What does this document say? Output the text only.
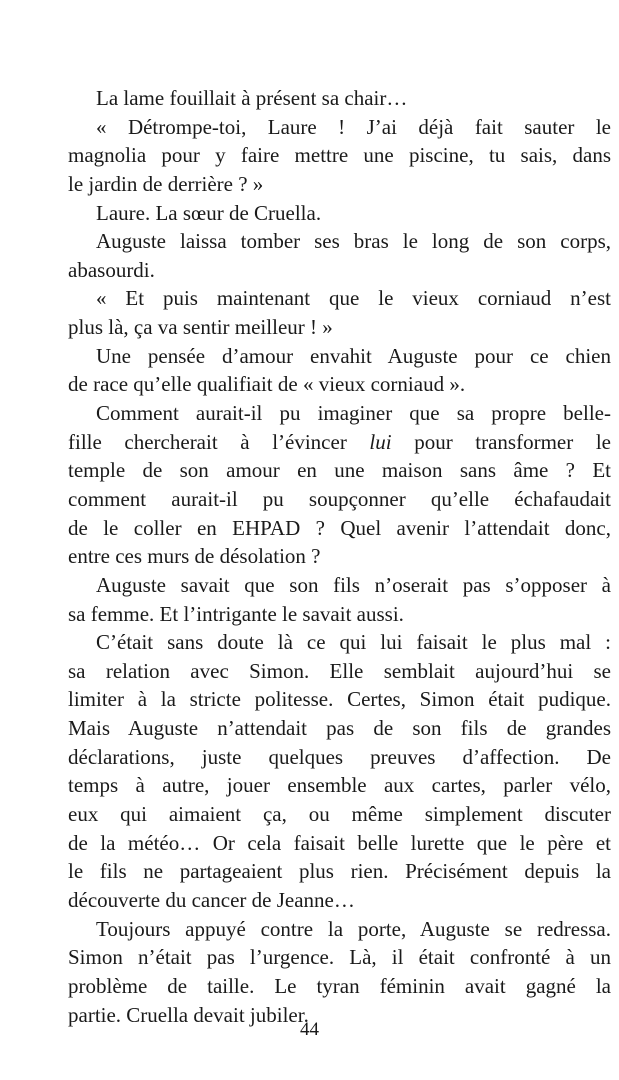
La lame fouillait à présent sa chair…
« Détrompe-toi, Laure ! J’ai déjà fait sauter le
magnolia pour y faire mettre une piscine, tu sais, dans
le jardin de derrière ? »
Laure. La sœur de Cruella.
Auguste laissa tomber ses bras le long de son corps,
abasourdi.
« Et puis maintenant que le vieux corniaud n’est
plus là, ça va sentir meilleur ! »
Une pensée d’amour envahit Auguste pour ce chien
de race qu’elle qualifiait de « vieux corniaud ».
Comment aurait-il pu imaginer que sa propre belle-
fille chercherait à l’évincer lui pour transformer le
temple de son amour en une maison sans âme ? Et
comment aurait-il pu soupçonner qu’elle échafaudait
de le coller en EHPAD ? Quel avenir l’attendait donc,
entre ces murs de désolation ?
Auguste savait que son fils n’oserait pas s’opposer à
sa femme. Et l’intrigante le savait aussi.
C’était sans doute là ce qui lui faisait le plus mal :
sa relation avec Simon. Elle semblait aujourd’hui se
limiter à la stricte politesse. Certes, Simon était pudique.
Mais Auguste n’attendait pas de son fils de grandes
déclarations, juste quelques preuves d’affection. De
temps à autre, jouer ensemble aux cartes, parler vélo,
eux qui aimaient ça, ou même simplement discuter
de la météo… Or cela faisait belle lurette que le père et
le fils ne partageaient plus rien. Précisément depuis la
découverte du cancer de Jeanne…
Toujours appuyé contre la porte, Auguste se redressa.
Simon n’était pas l’urgence. Là, il était confronté à un
problème de taille. Le tyran féminin avait gagné la
partie. Cruella devait jubiler.
44
